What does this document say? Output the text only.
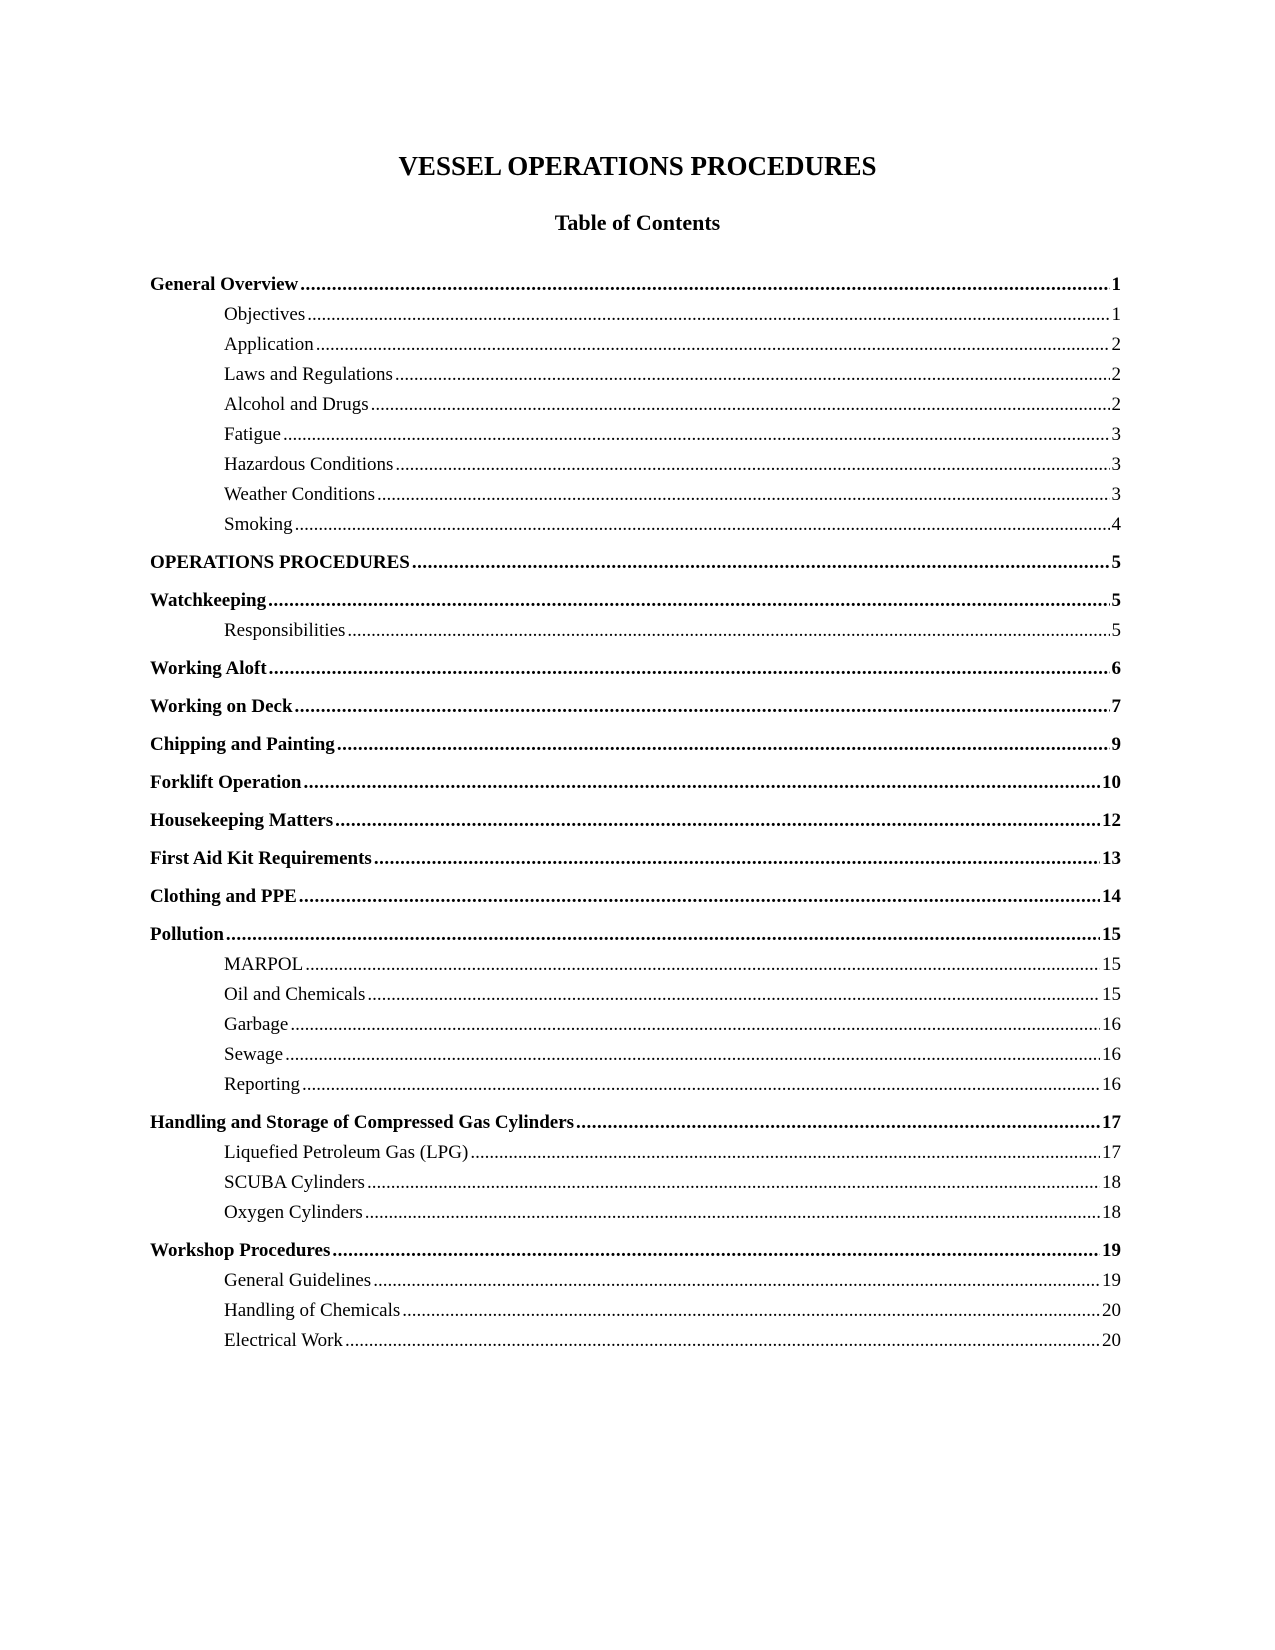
VESSEL OPERATIONS PROCEDURES
Table of Contents
General Overview .....	1
Objectives .....	1
Application .....	2
Laws and Regulations .....	2
Alcohol and Drugs .....	2
Fatigue .....	3
Hazardous Conditions .....	3
Weather Conditions .....	3
Smoking .....	4
OPERATIONS PROCEDURES .....	5
Watchkeeping .....	5
Responsibilities .....	5
Working Aloft .....	6
Working on Deck .....	7
Chipping and Painting .....	9
Forklift Operation .....	10
Housekeeping Matters .....	12
First Aid Kit Requirements .....	13
Clothing and PPE .....	14
Pollution .....	15
MARPOL .....	15
Oil and Chemicals .....	15
Garbage .....	16
Sewage .....	16
Reporting .....	16
Handling and Storage of Compressed Gas Cylinders .....	17
Liquefied Petroleum Gas (LPG) .....	17
SCUBA Cylinders .....	18
Oxygen Cylinders .....	18
Workshop Procedures .....	19
General Guidelines .....	19
Handling of Chemicals .....	20
Electrical Work .....	20
